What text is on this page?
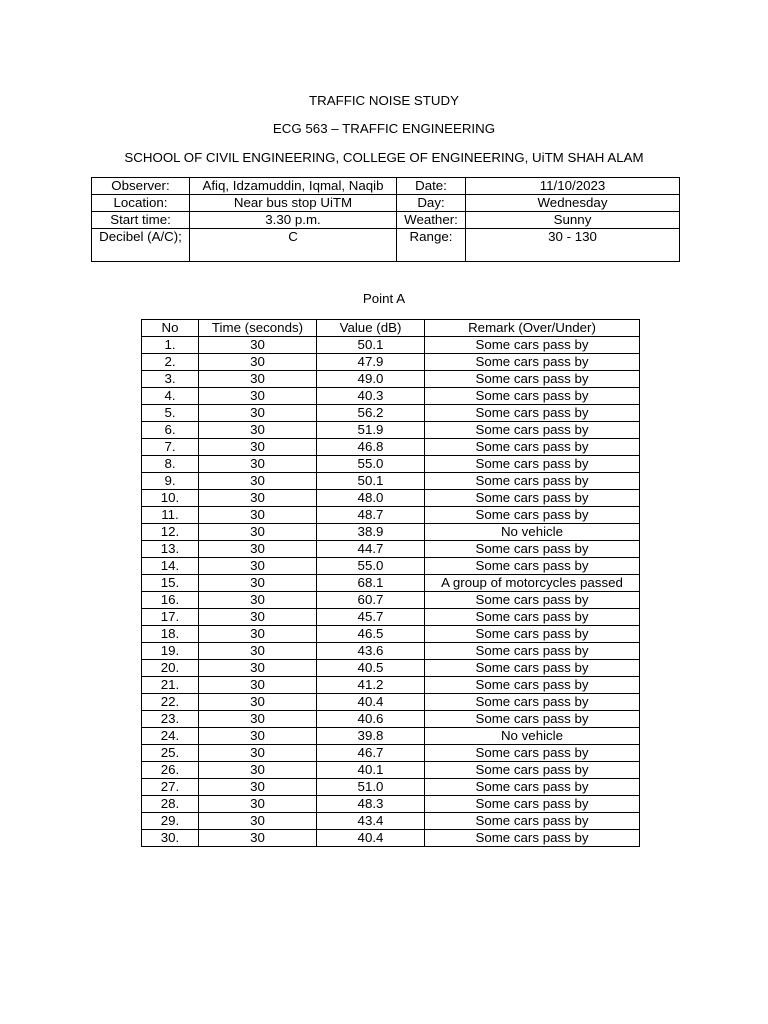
TRAFFIC NOISE STUDY
ECG 563 – TRAFFIC ENGINEERING
SCHOOL OF CIVIL ENGINEERING, COLLEGE OF ENGINEERING, UiTM SHAH ALAM
Observer:	Afiq, Idzamuddin, Iqmal, Naqib	Date:	11/10/2023
Location:	Near bus stop UiTM	Day:	Wednesday
Start time:	3.30 p.m.	Weather:	Sunny
Decibel (A/C);	C	Range:	30 - 130
Point A
No	Time (seconds)	Value (dB)	Remark (Over/Under)
1.	30	50.1	Some cars pass by
2.	30	47.9	Some cars pass by
3.	30	49.0	Some cars pass by
4.	30	40.3	Some cars pass by
5.	30	56.2	Some cars pass by
6.	30	51.9	Some cars pass by
7.	30	46.8	Some cars pass by
8.	30	55.0	Some cars pass by
9.	30	50.1	Some cars pass by
10.	30	48.0	Some cars pass by
11.	30	48.7	Some cars pass by
12.	30	38.9	No vehicle
13.	30	44.7	Some cars pass by
14.	30	55.0	Some cars pass by
15.	30	68.1	A group of motorcycles passed
16.	30	60.7	Some cars pass by
17.	30	45.7	Some cars pass by
18.	30	46.5	Some cars pass by
19.	30	43.6	Some cars pass by
20.	30	40.5	Some cars pass by
21.	30	41.2	Some cars pass by
22.	30	40.4	Some cars pass by
23.	30	40.6	Some cars pass by
24.	30	39.8	No vehicle
25.	30	46.7	Some cars pass by
26.	30	40.1	Some cars pass by
27.	30	51.0	Some cars pass by
28.	30	48.3	Some cars pass by
29.	30	43.4	Some cars pass by
30.	30	40.4	Some cars pass by
